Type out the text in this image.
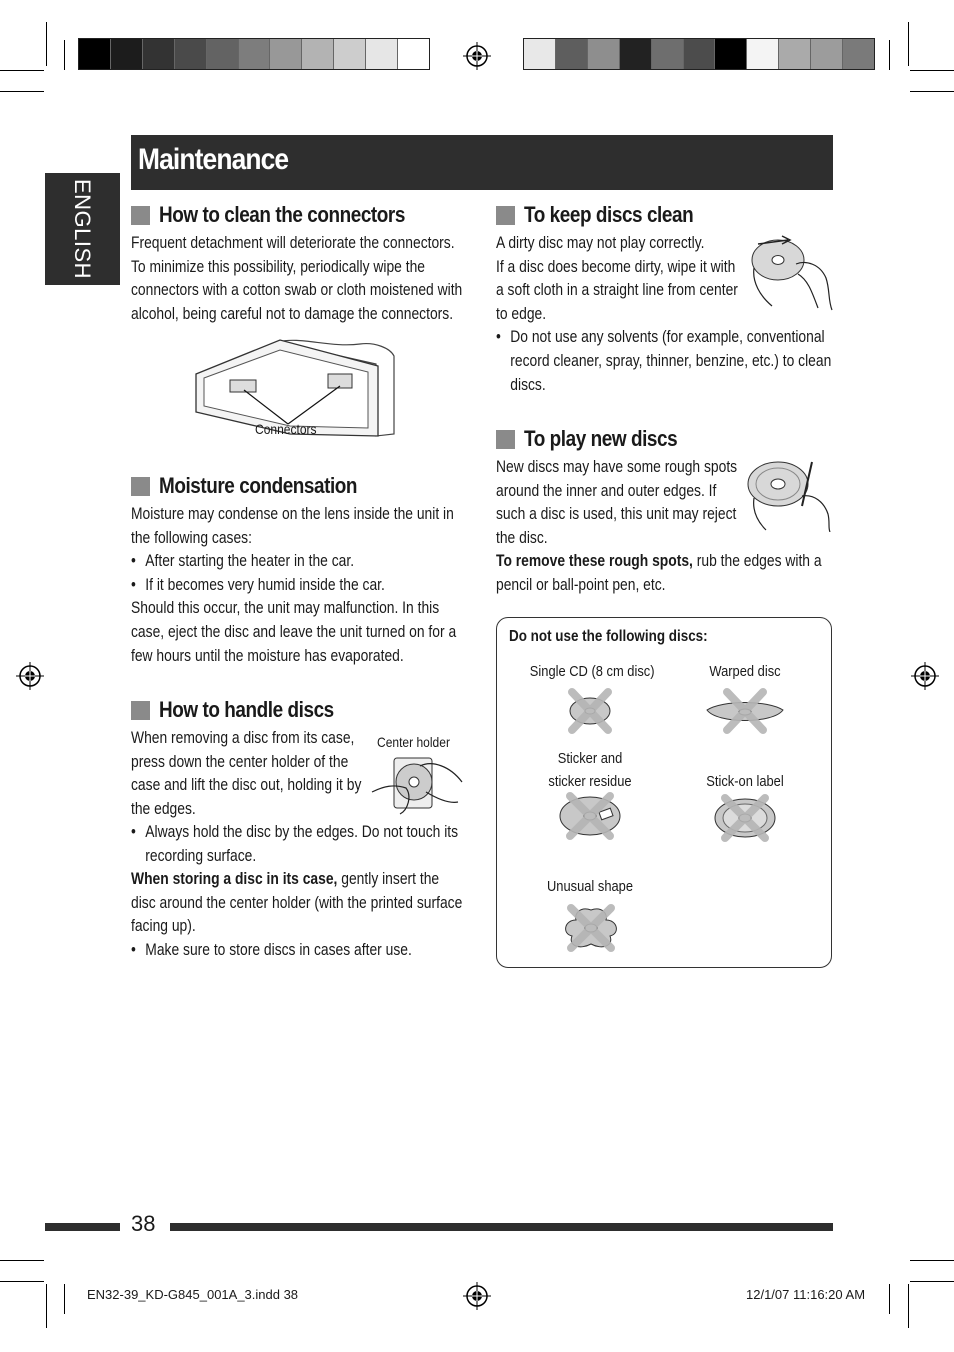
Maintenance
ENGLISH	How to clean the connectors
Frequent detachment will deteriorate the connectors.
To minimize this possibility, periodically wipe the
connectors with a cotton swab or cloth moistened with
alcohol, being careful not to damage the connectors.
Connectors
Moisture condensation
Moisture may condense on the lens inside the unit in
the following cases:
• After starting the heater in the car.
• If it becomes very humid inside the car.
Should this occur, the unit may malfunction. In this
case, eject the disc and leave the unit turned on for a
few hours until the moisture has evaporated.
How to handle discs
When removing a disc from its case,
press down the center holder of the
case and lift the disc out, holding it by
the edges.
Center holder
• Always hold the disc by the edges. Do not touch its
recording surface.
When storing a disc in its case, gently insert the
disc around the center holder (with the printed surface
facing up).
• Make sure to store discs in cases after use.
To keep discs clean
A dirty disc may not play correctly.
If a disc does become dirty, wipe it with
a soft cloth in a straight line from center
to edge.
• Do not use any solvents (for example, conventional
record cleaner, spray, thinner, benzine, etc.) to clean
discs.
To play new discs
New discs may have some rough spots
around the inner and outer edges. If
such a disc is used, this unit may reject
the disc.
To remove these rough spots, rub the edges with a
pencil or ball-point pen, etc.
Do not use the following discs:
Single CD (8 cm disc)	Warped disc
Sticker and
sticker residue	Stick-on label
Unusual shape
38
EN32-39_KD-G845_001A_3.indd 38	12/1/07 11:16:20 AM
